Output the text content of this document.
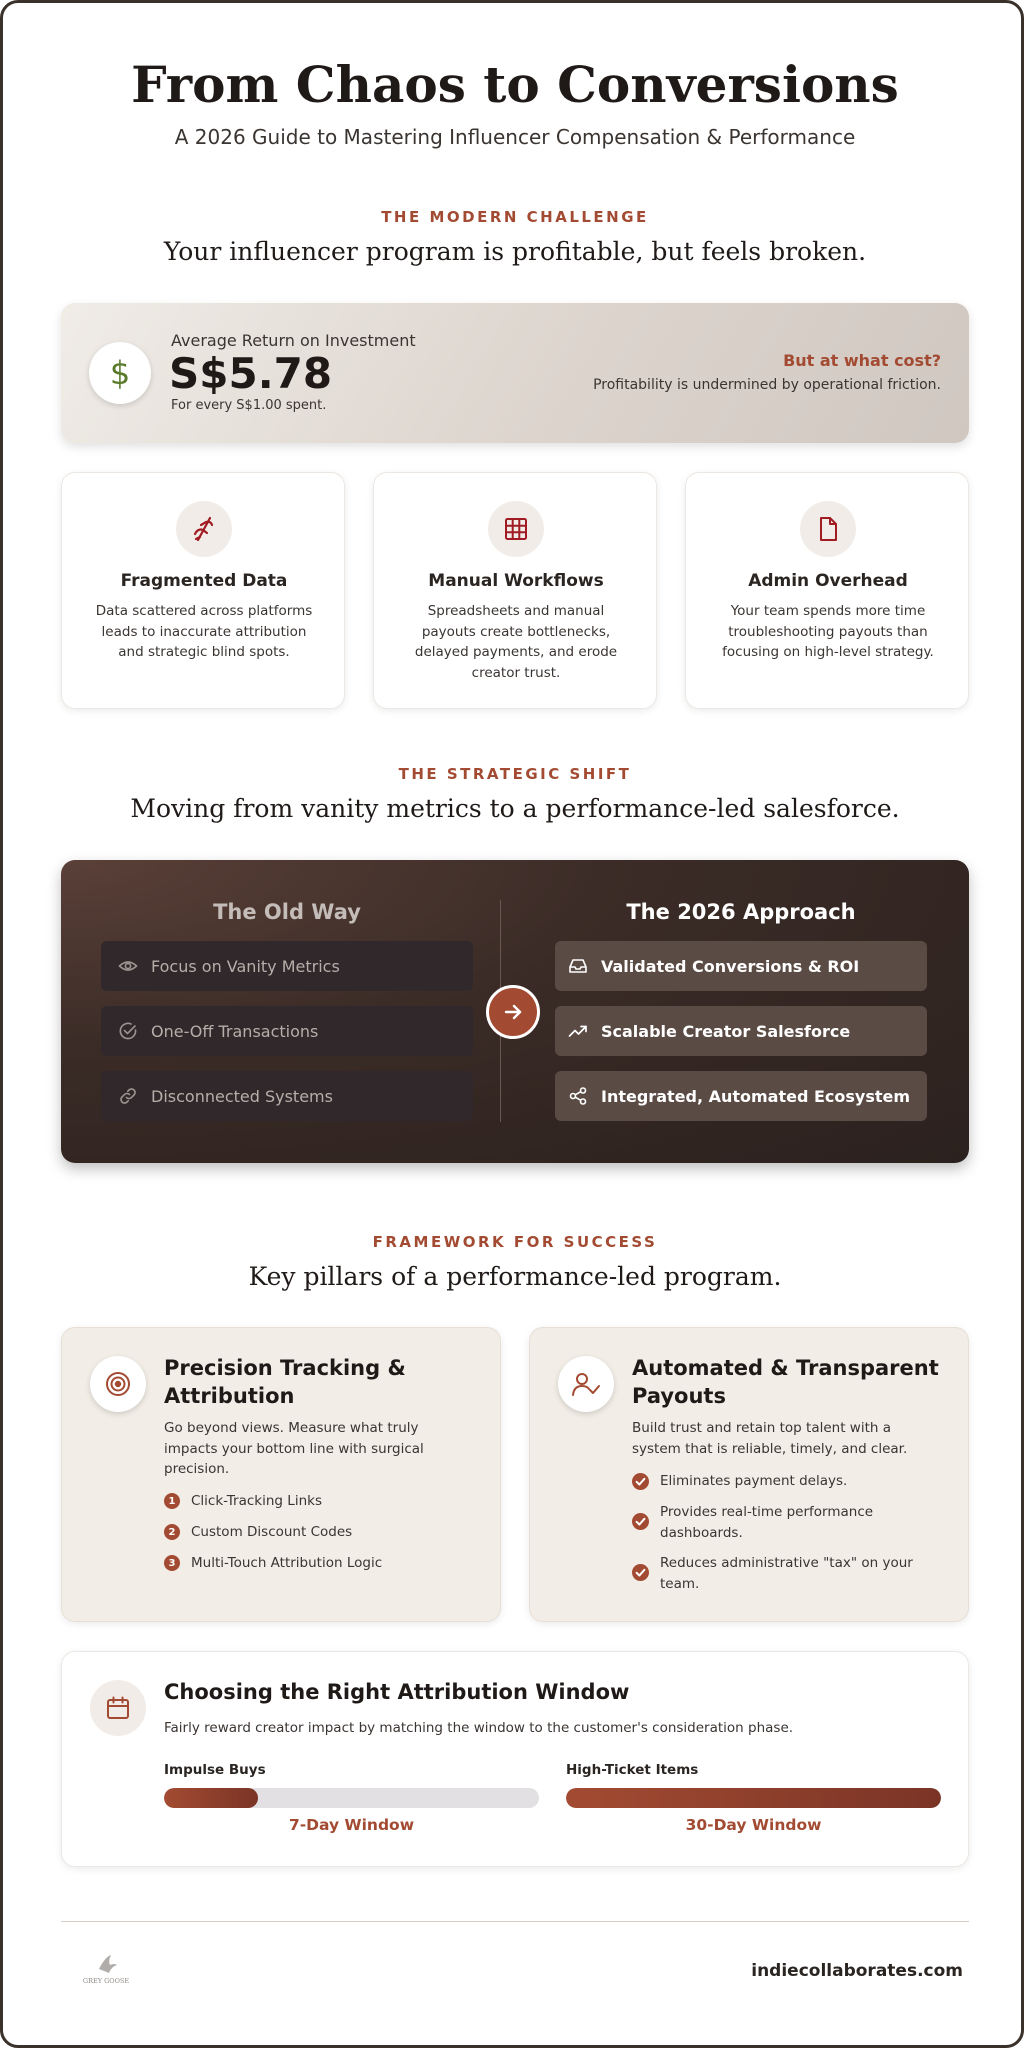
From Chaos to Conversions
A 2026 Guide to Mastering Influencer Compensation & Performance
THE MODERN CHALLENGE
Your influencer program is profitable, but feels broken.
$
Average Return on Investment
S$5.78
For every S$1.00 spent.
But at what cost?
Profitability is undermined by operational friction.
Fragmented Data
Data scattered across platforms leads to inaccurate attribution and strategic blind spots.
Manual Workflows
Spreadsheets and manual payouts create bottlenecks, delayed payments, and erode creator trust.
Admin Overhead
Your team spends more time troubleshooting payouts than focusing on high-level strategy.
THE STRATEGIC SHIFT
Moving from vanity metrics to a performance-led salesforce.
The Old Way	The 2026 Approach
Focus on Vanity Metrics
One-Off Transactions
Disconnected Systems
Validated Conversions & ROI
Scalable Creator Salesforce
Integrated, Automated Ecosystem
FRAMEWORK FOR SUCCESS
Key pillars of a performance-led program.
Precision Tracking & Attribution
Go beyond views. Measure what truly impacts your bottom line with surgical precision.
1	Click-Tracking Links
2	Custom Discount Codes
3	Multi-Touch Attribution Logic
Automated & Transparent Payouts
Build trust and retain top talent with a system that is reliable, timely, and clear.
Eliminates payment delays.
Provides real-time performance dashboards.
Reduces administrative "tax" on your team.
Choosing the Right Attribution Window
Fairly reward creator impact by matching the window to the customer's consideration phase.
Impulse Buys
7-Day Window
High-Ticket Items
30-Day Window
GREY GOOSE	indiecollaborates.com
